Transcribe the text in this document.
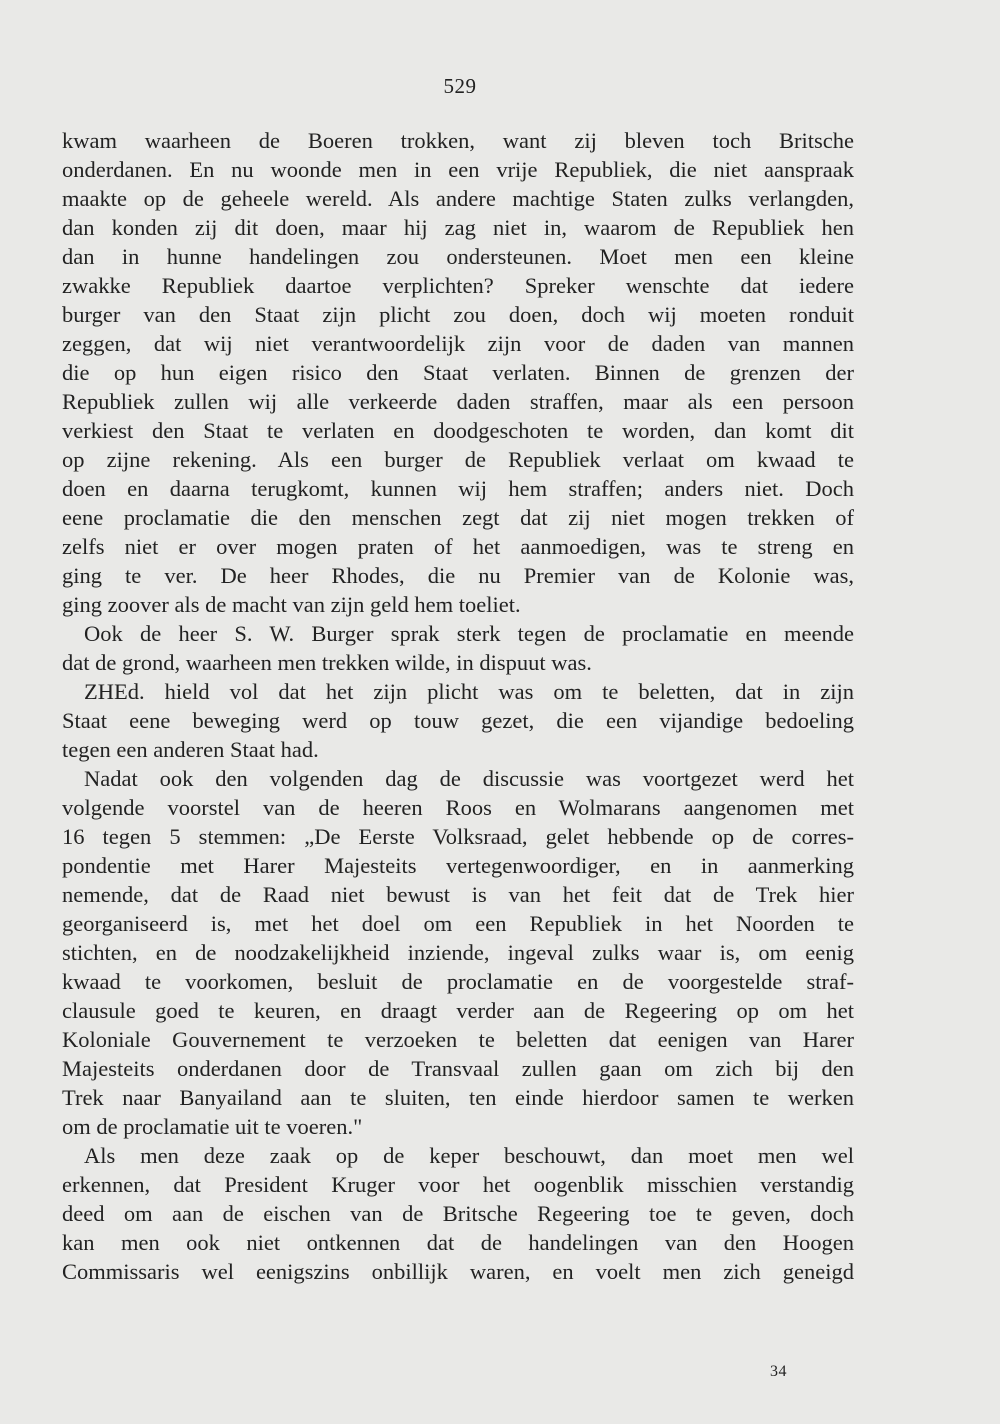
529
kwam waarheen de Boeren trokken, want zij bleven toch Britsche
onderdanen. En nu woonde men in een vrije Republiek, die niet aanspraak
maakte op de geheele wereld. Als andere machtige Staten zulks verlangden,
dan konden zij dit doen, maar hij zag niet in, waarom de Republiek hen
dan in hunne handelingen zou ondersteunen. Moet men een kleine
zwakke Republiek daartoe verplichten? Spreker wenschte dat iedere
burger van den Staat zijn plicht zou doen, doch wij moeten ronduit
zeggen, dat wij niet verantwoordelijk zijn voor de daden van mannen
die op hun eigen risico den Staat verlaten. Binnen de grenzen der
Republiek zullen wij alle verkeerde daden straffen, maar als een persoon
verkiest den Staat te verlaten en doodgeschoten te worden, dan komt dit
op zijne rekening. Als een burger de Republiek verlaat om kwaad te
doen en daarna terugkomt, kunnen wij hem straffen; anders niet. Doch
eene proclamatie die den menschen zegt dat zij niet mogen trekken of
zelfs niet er over mogen praten of het aanmoedigen, was te streng en
ging te ver. De heer Rhodes, die nu Premier van de Kolonie was,
ging zoover als de macht van zijn geld hem toeliet.
Ook de heer S. W. Burger sprak sterk tegen de proclamatie en meende
dat de grond, waarheen men trekken wilde, in dispuut was.
ZHEd. hield vol dat het zijn plicht was om te beletten, dat in zijn
Staat eene beweging werd op touw gezet, die een vijandige bedoeling
tegen een anderen Staat had.
Nadat ook den volgenden dag de discussie was voortgezet werd het
volgende voorstel van de heeren Roos en Wolmarans aangenomen met
16 tegen 5 stemmen: „De Eerste Volksraad, gelet hebbende op de corres-
pondentie met Harer Majesteits vertegenwoordiger, en in aanmerking
nemende, dat de Raad niet bewust is van het feit dat de Trek hier
georganiseerd is, met het doel om een Republiek in het Noorden te
stichten, en de noodzakelijkheid inziende, ingeval zulks waar is, om eenig
kwaad te voorkomen, besluit de proclamatie en de voorgestelde straf-
clausule goed te keuren, en draagt verder aan de Regeering op om het
Koloniale Gouvernement te verzoeken te beletten dat eenigen van Harer
Majesteits onderdanen door de Transvaal zullen gaan om zich bij den
Trek naar Banyailand aan te sluiten, ten einde hierdoor samen te werken
om de proclamatie uit te voeren."
Als men deze zaak op de keper beschouwt, dan moet men wel
erkennen, dat President Kruger voor het oogenblik misschien verstandig
deed om aan de eischen van de Britsche Regeering toe te geven, doch
kan men ook niet ontkennen dat de handelingen van den Hoogen
Commissaris wel eenigszins onbillijk waren, en voelt men zich geneigd
34
